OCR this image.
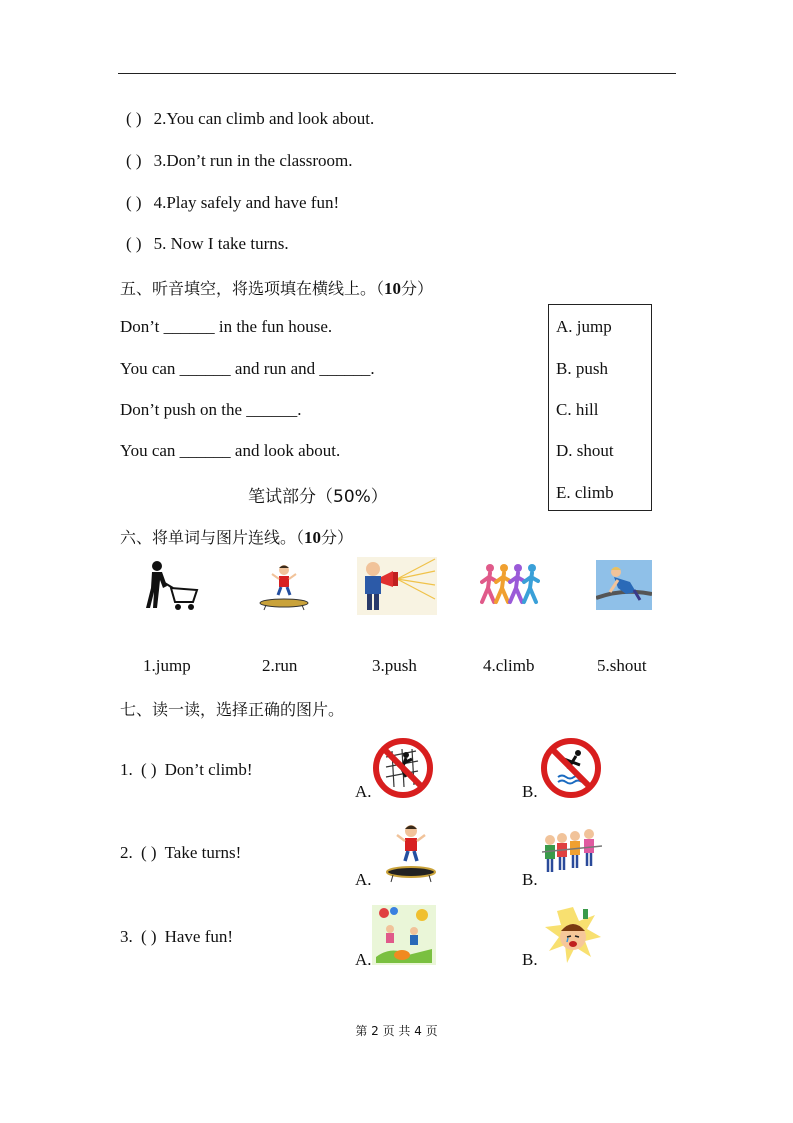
( ) 2.You can climb and look about.
( ) 3.Don’t run in the classroom.
( ) 4.Play safely and have fun!
( ) 5. Now I take turns.
五、听音填空，将选项填在横线上。（10分）
Don’t ______ in the fun house.
You can ______ and run and ______.
Don’t push on the ______.
You can ______ and look about.
笔试部分（50%）
A. jump
B. push
C. hill
D. shout
E. climb
六、将单词与图片连线。（10分）
1.jump	2.run	3.push	4.climb	5.shout
七、读一读，选择正确的图片。
1. ( ) Don’t climb!
A.	B.
2. ( ) Take turns!
A.	B.
3. ( ) Have fun!
A.	B.
第 2 页 共 4 页
